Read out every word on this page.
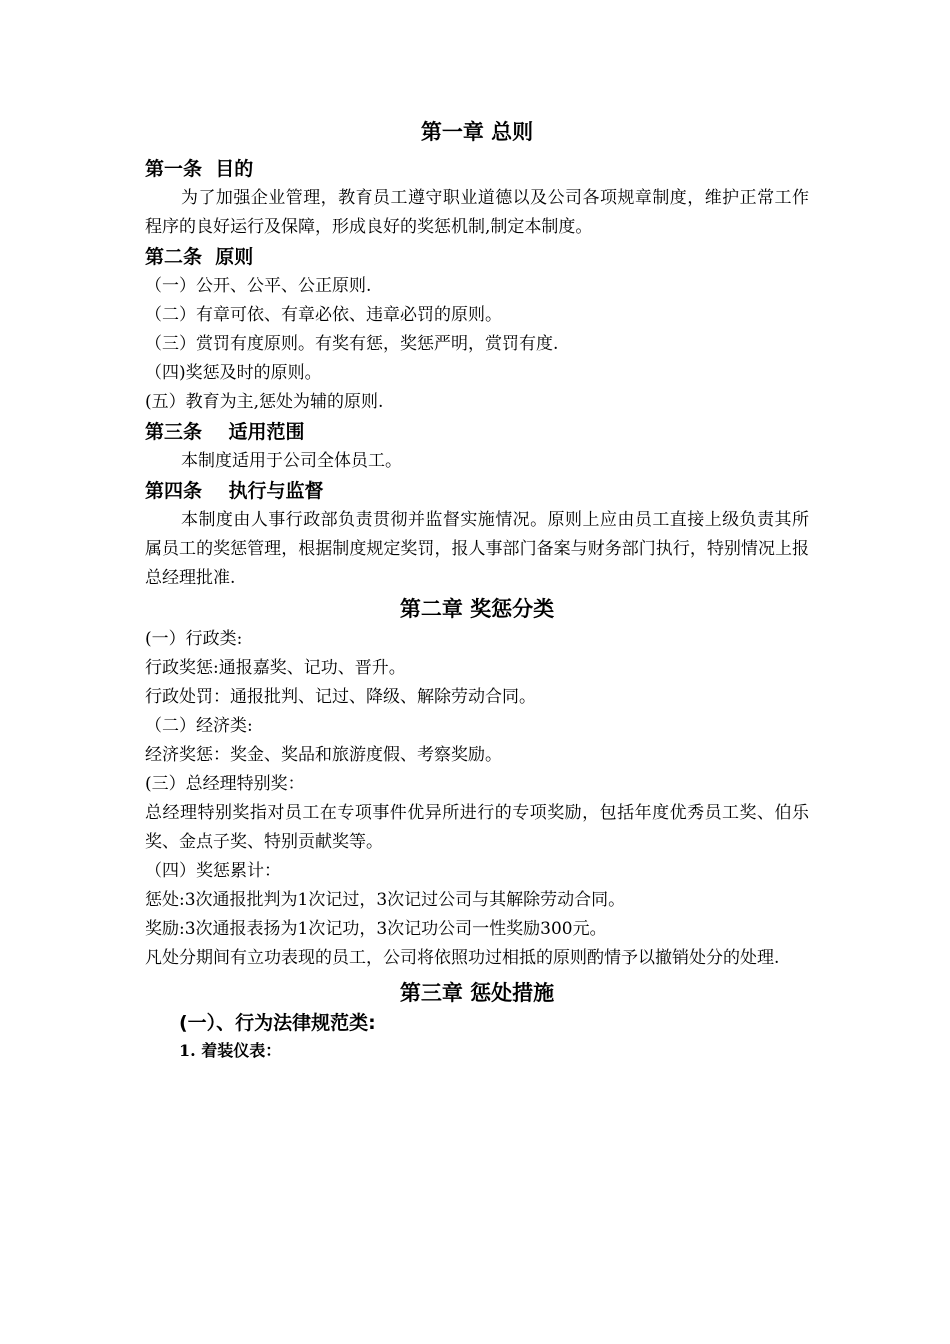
第一章 总则
第一条  目的
为了加强企业管理，教育员工遵守职业道德以及公司各项规章制度，维护正常工作程序的良好运行及保障，形成良好的奖惩机制,制定本制度。
第二条  原则
（一）公开、公平、公正原则.
（二）有章可依、有章必依、违章必罚的原则。
（三）赏罚有度原则。有奖有惩，奖惩严明，赏罚有度.
（四)奖惩及时的原则。
(五）教育为主,惩处为辅的原则.
第三条    适用范围
本制度适用于公司全体员工。
第四条    执行与监督
本制度由人事行政部负责贯彻并监督实施情况。原则上应由员工直接上级负责其所属员工的奖惩管理，根据制度规定奖罚，报人事部门备案与财务部门执行，特别情况上报总经理批准.
第二章 奖惩分类
(一）行政类:
行政奖惩:通报嘉奖、记功、晋升。
行政处罚：通报批判、记过、降级、解除劳动合同。
（二）经济类:
经济奖惩：奖金、奖品和旅游度假、考察奖励。
(三）总经理特别奖：
总经理特别奖指对员工在专项事件优异所进行的专项奖励，包括年度优秀员工奖、伯乐奖、金点子奖、特别贡献奖等。
（四）奖惩累计：
惩处:3次通报批判为1次记过，3次记过公司与其解除劳动合同。
奖励:3次通报表扬为1次记功，3次记功公司一性奖励300元。
凡处分期间有立功表现的员工，公司将依照功过相抵的原则酌情予以撤销处分的处理.
第三章 惩处措施
(一）、行为法律规范类:
1. 着装仪表：
